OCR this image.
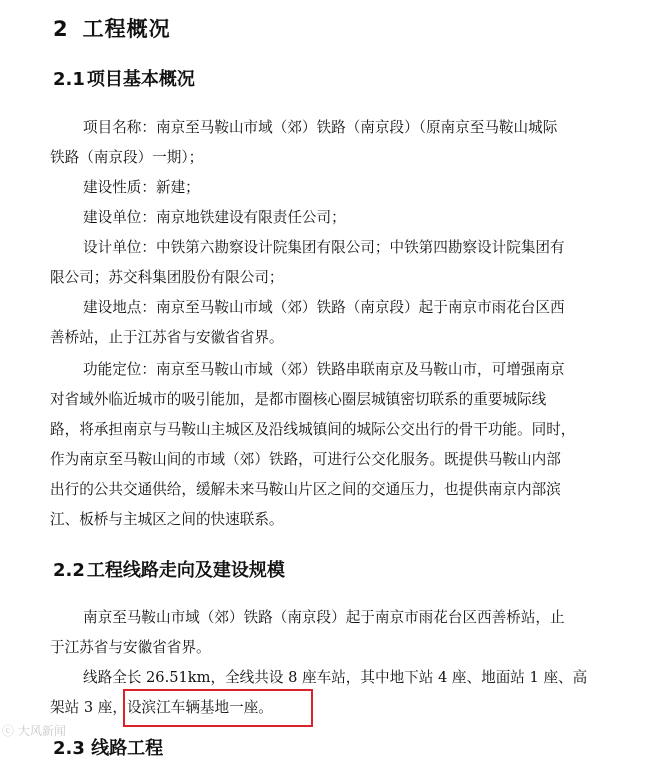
2 工程概况
2.1 项目基本概况
项目名称：南京至马鞍山市域（郊）铁路（南京段）（原南京至马鞍山城际
铁路（南京段）一期）；
建设性质：新建；
建设单位：南京地铁建设有限责任公司；
设计单位：中铁第六勘察设计院集团有限公司；中铁第四勘察设计院集团有
限公司；苏交科集团股份有限公司；
建设地点：南京至马鞍山市域（郊）铁路（南京段）起于南京市雨花台区西
善桥站，止于江苏省与安徽省省界。
功能定位：南京至马鞍山市域（郊）铁路串联南京及马鞍山市，可增强南京
对省域外临近城市的吸引能加，是都市圈核心圈层城镇密切联系的重要城际线
路，将承担南京与马鞍山主城区及沿线城镇间的城际公交出行的骨干功能。同时，
作为南京至马鞍山间的市域（郊）铁路，可进行公交化服务。既提供马鞍山内部
出行的公共交通供给，缓解未来马鞍山片区之间的交通压力，也提供南京内部滨
江、板桥与主城区之间的快速联系。
2.2 工程线路走向及建设规模
南京至马鞍山市域（郊）铁路（南京段）起于南京市雨花台区西善桥站，止
于江苏省与安徽省省界。
线路全长 26.51km，全线共设 8 座车站，其中地下站 4 座、地面站 1 座、高
架站 3 座，设滨江车辆基地一座。
2.3 线路工程
ⓒ 大风新闻
